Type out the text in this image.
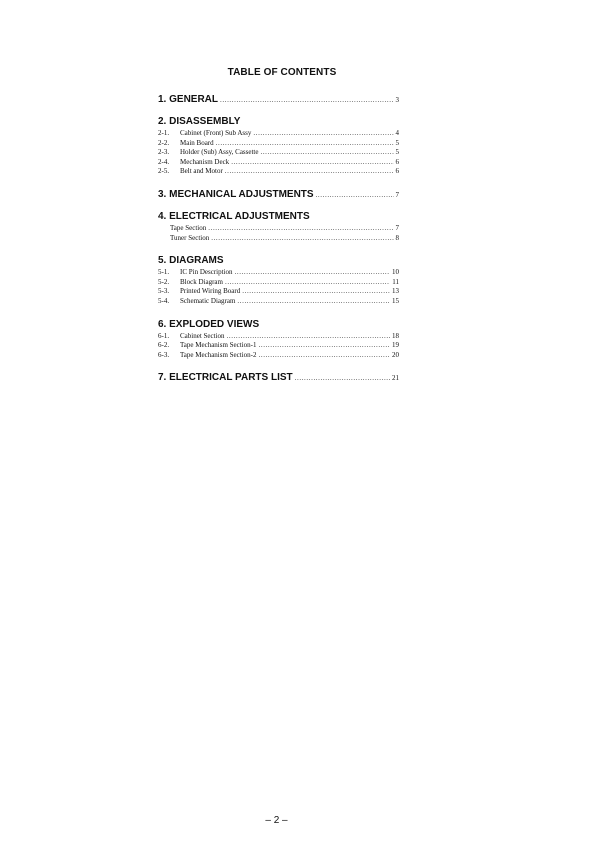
TABLE OF CONTENTS
1. GENERAL .....	3
2. DISASSEMBLY
2-1.	Cabinet (Front) Sub Assy .....	4
2-2.	Main Board .....	5
2-3.	Holder (Sub) Assy, Cassette .....	5
2-4.	Mechanism Deck .....	6
2-5.	Belt and Motor .....	6
3. MECHANICAL ADJUSTMENTS .....	7
4. ELECTRICAL ADJUSTMENTS
Tape Section .....	7
Tuner Section .....	8
5. DIAGRAMS
5-1.	IC Pin Description .....	10
5-2.	Block Diagram .....	11
5-3.	Printed Wiring Board .....	13
5-4.	Schematic Diagram .....	15
6. EXPLODED VIEWS
6-1.	Cabinet Section .....	18
6-2.	Tape Mechanism Section-1 .....	19
6-3.	Tape Mechanism Section-2 .....	20
7. ELECTRICAL PARTS LIST .....	21
– 2 –
